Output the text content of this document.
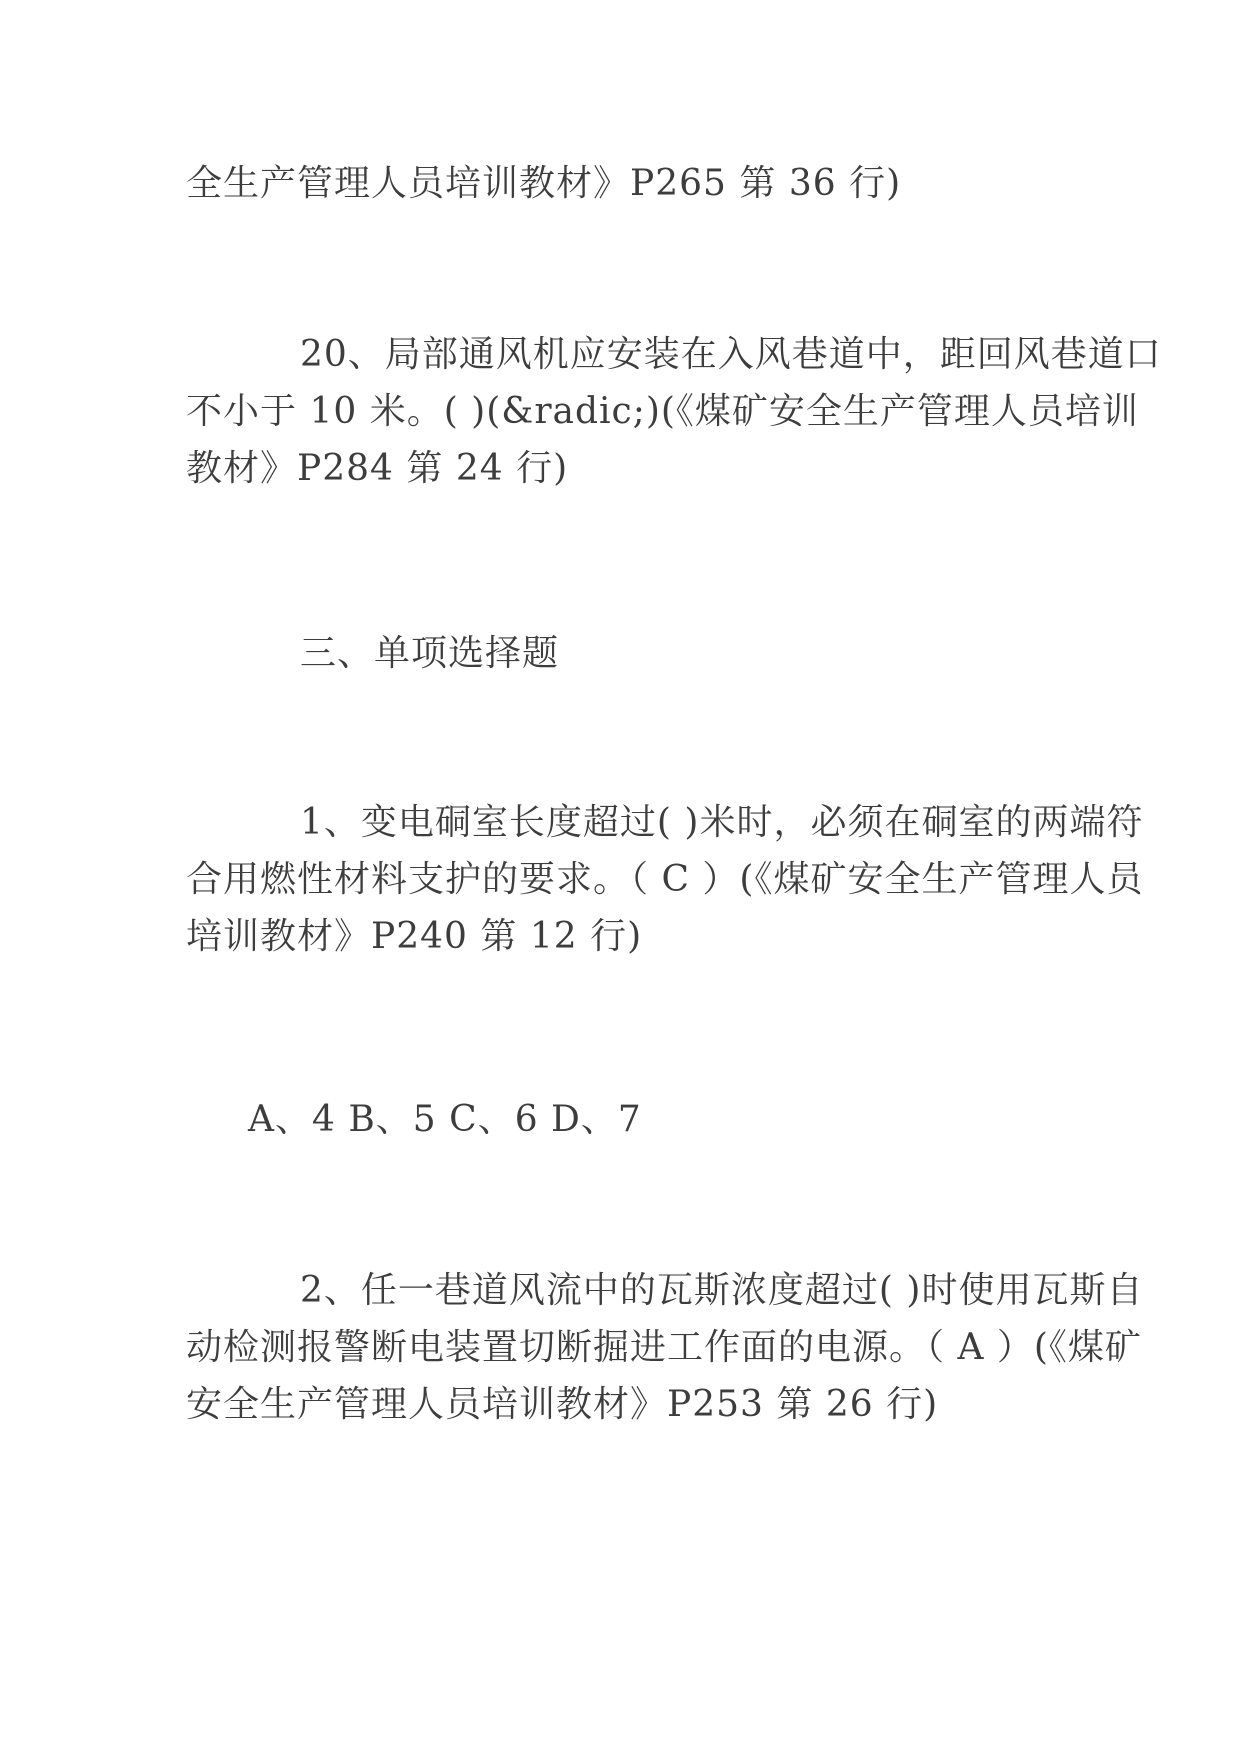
全生产管理人员培训教材》P265 第 36 行)

20、局部通风机应安装在入风巷道中，距回风巷道口
不小于 10 米。( )(&radic;)(《煤矿安全生产管理人员培训
教材》P284 第 24 行)

三、单项选择题

1、变电硐室长度超过( )米时，必须在硐室的两端符
合用燃性材料支护的要求。（ C ）(《煤矿安全生产管理人员
培训教材》P240 第 12 行)

A、4 B、5 C、6 D、7

2、任一巷道风流中的瓦斯浓度超过( )时使用瓦斯自
动检测报警断电装置切断掘进工作面的电源。（ A ）(《煤矿
安全生产管理人员培训教材》P253 第 26 行)
